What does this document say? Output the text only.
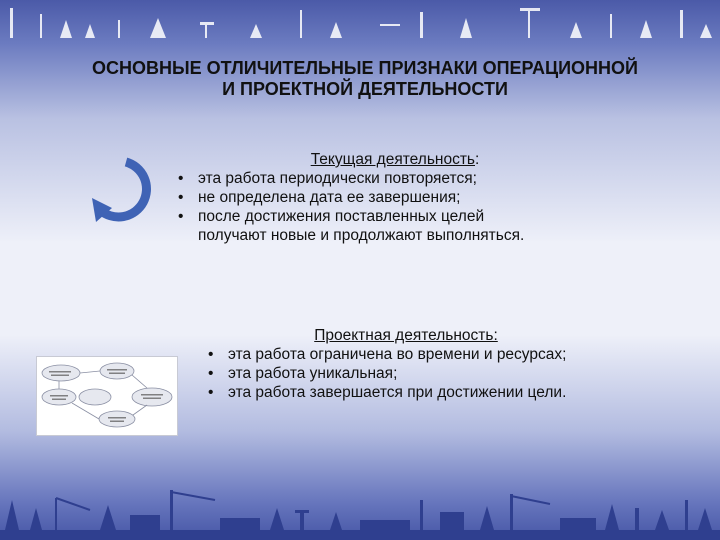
ОСНОВНЫЕ ОТЛИЧИТЕЛЬНЫЕ ПРИЗНАКИ ОПЕРАЦИОННОЙ
И ПРОЕКТНОЙ ДЕЯТЕЛЬНОСТИ
Текущая деятельность:
• эта работа периодически повторяется;
• не определена дата ее завершения;
• после достижения поставленных целей получают новые и продолжают выполняться.
Проектная деятельность:
• эта работа ограничена во времени и ресурсах;
• эта работа уникальная;
• эта работа завершается при достижении цели.
